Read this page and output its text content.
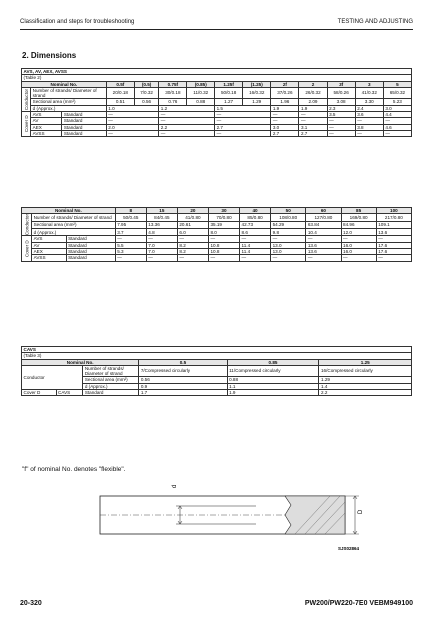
Classification and steps for troubleshooting	TESTING AND ADJUSTING
2. Dimensions
AVS, AV, AEX, AVSS													
(Table 2)													
Nominal No.			0.5f	(0.5)	0.75f	(0.85)	1.25f	(1.25)	2f	2	3f	3	5
Conductor	Number of strands/ Diameter of strand		20/0.18	7/0.32	30/0.18	11/0.32	50/0.18	16/0.32	37/0.26	26/0.32	58/0.26	41/0.32	65/0.32
	Sectional area (mm²)		0.51	0.56	0.76	0.88	1.27	1.29	1.96	2.09	3.08	3.30	5.23
	d (Approx.)		1.0		1.2		1.5		1.9	1.9	2.3	2.4	3.0
Cover D	AVS	Standard	—		—		—		—	—	3.5	3.6	4.4
	AV	Standard	—		—		—		—	—	—	—	—
	AEX	Standard	2.0		2.2		2.7		3.0	3.1	—	3.8	4.6
	AVSS	Standard	—		—		—		2.7	2.7	—	—	—
Nominal No.			8	15	20	30	40	50	60	85	100
Conductor	Number of strands/ Diameter of strand		50/0.45	84/0.45	41/0.80	70/0.80	85/0.80	108/0.80	127/0.80	169/0.80	217/0.80
	Sectional area (mm²)		7.95	13.36	20.61	35.19	42.73	54.29	63.84	84.96	109.1
	d (Approx.)		3.7	4.8	6.0	8.0	8.6	9.8	10.4	12.0	13.6
Cover D	AVS	Standard	—	—	—	—	—	—	—	—	—
	AV	Standard	5.5	7.0	8.2	10.8	11.4	13.0	13.6	16.0	17.6
	AEX	Standard	5.3	7.0	8.2	10.8	11.4	13.0	13.6	16.0	17.6
	AVSS	Standard	—	—	—	—	—	—	—	—	—
CAVS					
(Table 3)					
Nominal No.			0.5	0.85	1.25
Conductor		Number of strands/ Diameter of strand	7/Compressed circularly	11/Compressed circularly	16/Compressed circularly
		Sectional area (mm²)	0.56	0.88	1.29
		d (Approx.)	0.9	1.1	1.4
Cover D	CAVS	Standard	1.7	1.9	2.2
"f" of nominal No. denotes "flexible".
d
D
SJS02864
20-320	PW200/PW220-7E0 VEBM949100
